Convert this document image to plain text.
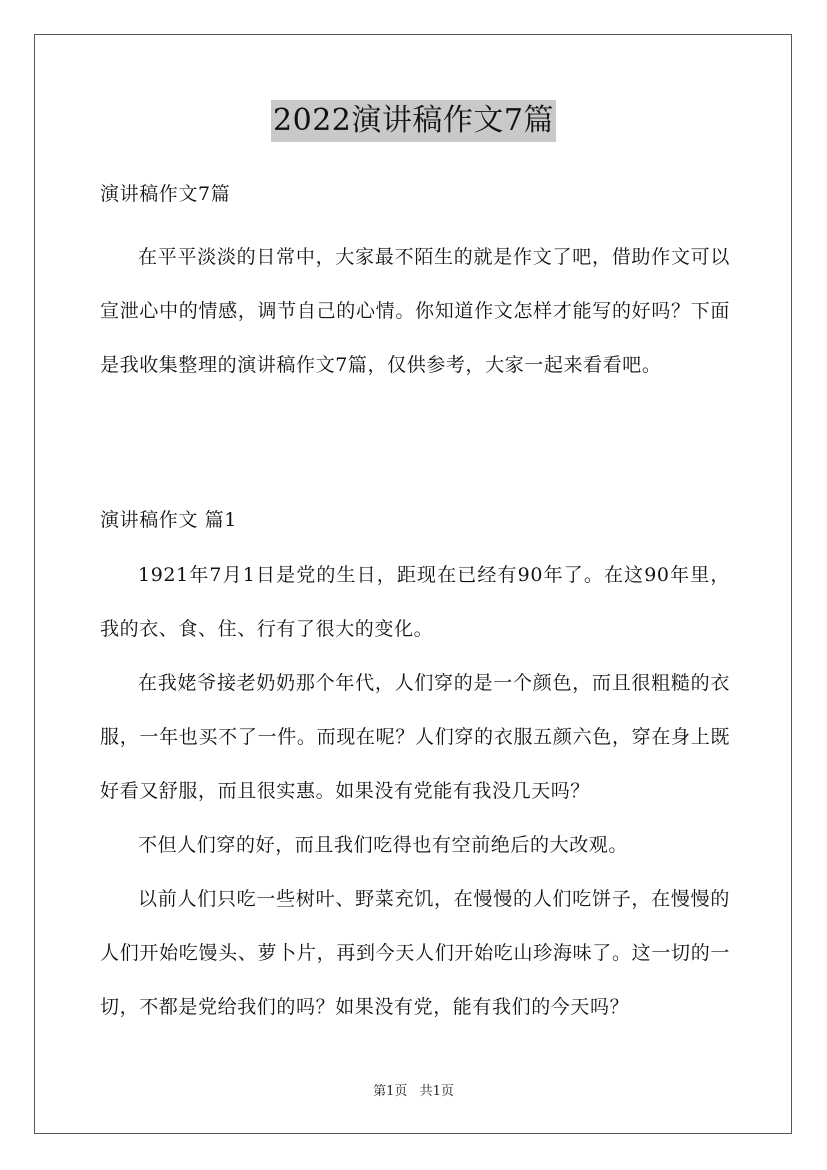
2022演讲稿作文7篇
演讲稿作文7篇

在平平淡淡的日常中，大家最不陌生的就是作文了吧，借助作文可以宣泄心中的情感，调节自己的心情。你知道作文怎样才能写的好吗？下面是我收集整理的演讲稿作文7篇，仅供参考，大家一起来看看吧。

演讲稿作文 篇1

1921年7月1日是党的生日，距现在已经有90年了。在这90年里，我的衣、食、住、行有了很大的变化。

在我姥爷接老奶奶那个年代，人们穿的是一个颜色，而且很粗糙的衣服，一年也买不了一件。而现在呢？人们穿的衣服五颜六色，穿在身上既好看又舒服，而且很实惠。如果没有党能有我没几天吗？

不但人们穿的好，而且我们吃得也有空前绝后的大改观。

以前人们只吃一些树叶、野菜充饥，在慢慢的人们吃饼子，在慢慢的人们开始吃馒头、萝卜片，再到今天人们开始吃山珍海味了。这一切的一切，不都是党给我们的吗？如果没有党，能有我们的今天吗？

第1页 共1页
